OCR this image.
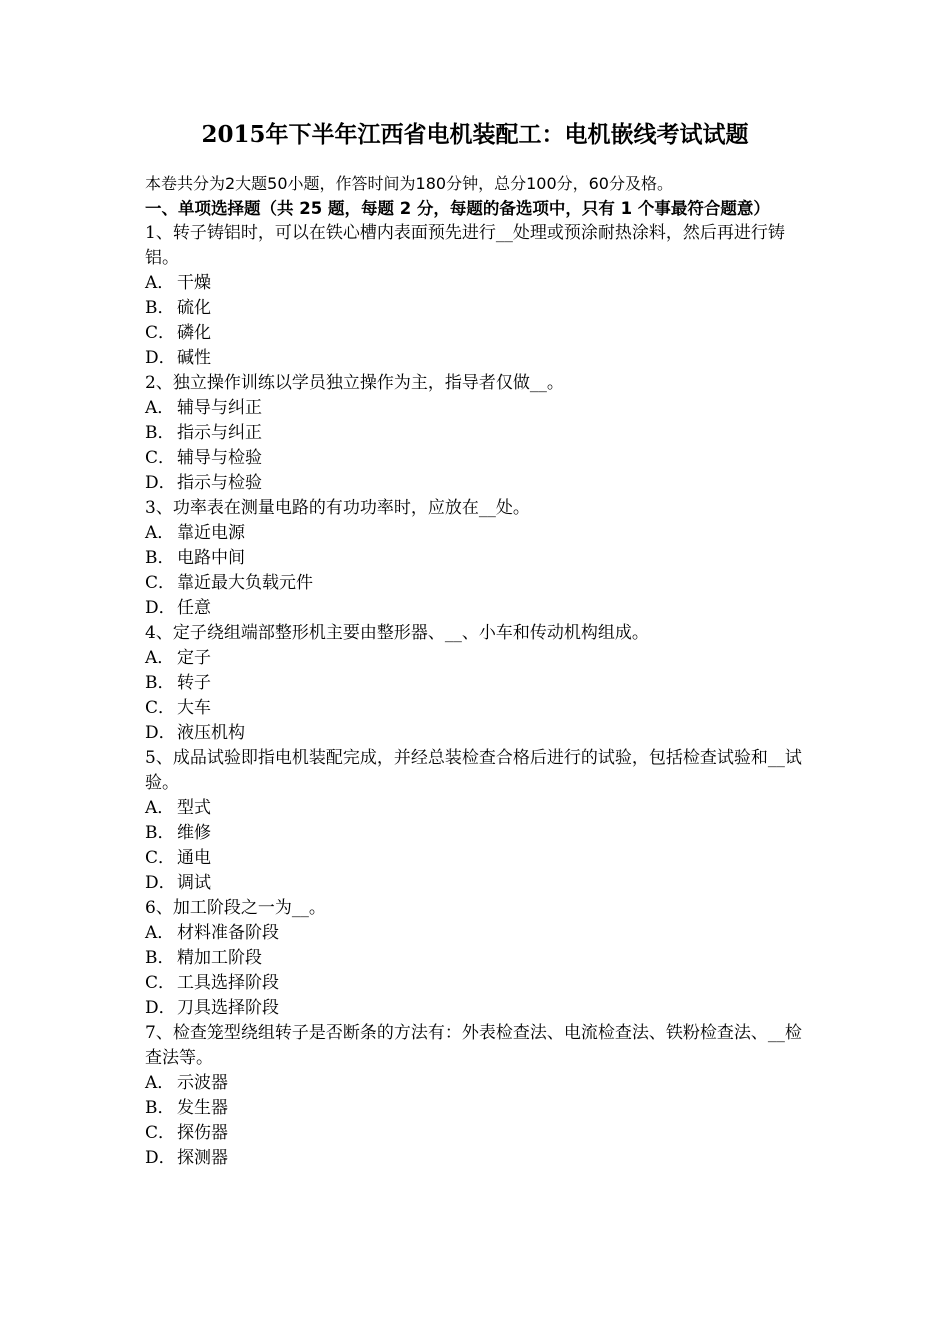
2015年下半年江西省电机装配工：电机嵌线考试试题
本卷共分为2大题50小题，作答时间为180分钟，总分100分，60分及格。
一、单项选择题（共 25 题，每题 2 分，每题的备选项中，只有 1 个事最符合题意）
1、转子铸铝时，可以在铁心槽内表面预先进行__处理或预涂耐热涂料，然后再进行铸铝。
A． 干燥
B． 硫化
C． 磷化
D．碱性
2、独立操作训练以学员独立操作为主，指导者仅做__。
A． 辅导与纠正
B． 指示与纠正
C． 辅导与检验
D．指示与检验
3、功率表在测量电路的有功功率时，应放在__处。
A． 靠近电源
B． 电路中间
C． 靠近最大负载元件
D．任意
4、定子绕组端部整形机主要由整形器、__、小车和传动机构组成。
A． 定子
B． 转子
C． 大车
D．液压机构
5、成品试验即指电机装配完成，并经总装检查合格后进行的试验，包括检查试验和__试验。
A． 型式
B． 维修
C． 通电
D．调试
6、加工阶段之一为__。
A． 材料准备阶段
B． 精加工阶段
C． 工具选择阶段
D．刀具选择阶段
7、检查笼型绕组转子是否断条的方法有：外表检查法、电流检查法、铁粉检查法、__检查法等。
A． 示波器
B． 发生器
C． 探伤器
D．探测器
